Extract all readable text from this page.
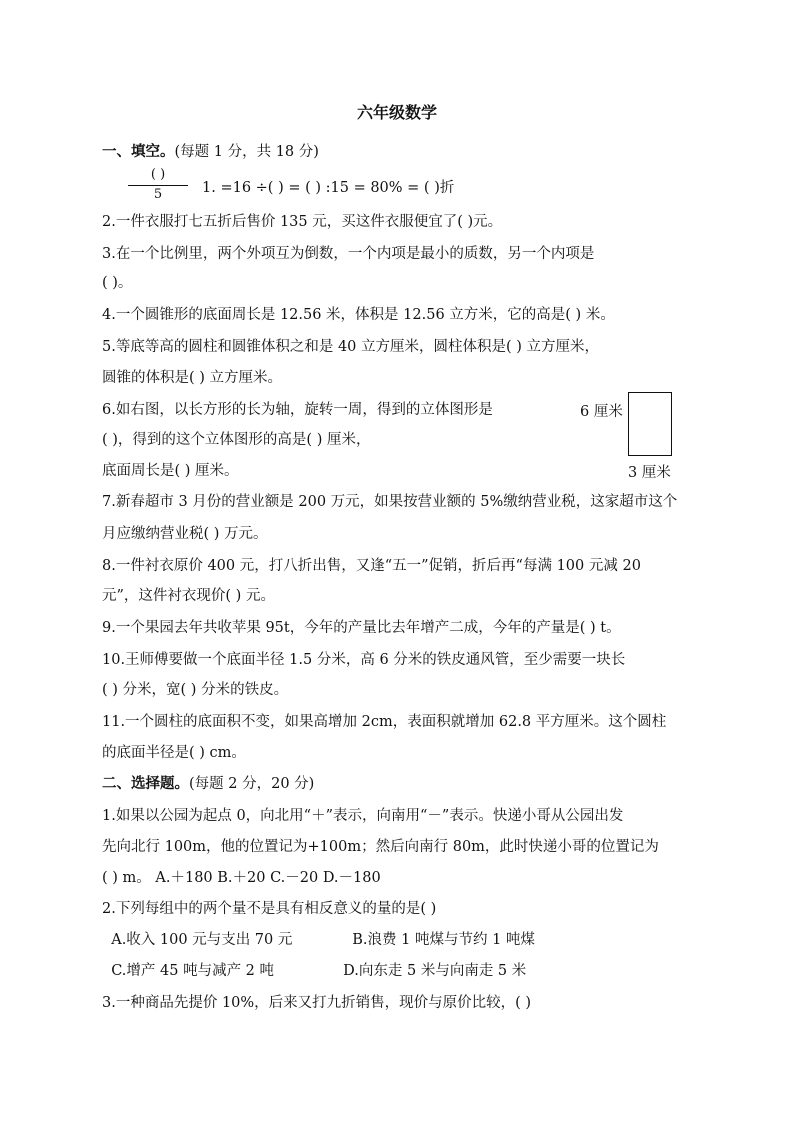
六年级数学
一、填空。(每题 1 分，共 18 分)
( )
5	1. =16 ÷( ) = ( ) :15 = 80% = ( )折
2.一件衣服打七五折后售价 135 元，买这件衣服便宜了( )元。
3.在一个比例里，两个外项互为倒数，一个内项是最小的质数，另一个内项是
( )。
4.一个圆锥形的底面周长是 12.56 米，体积是 12.56 立方米，它的高是( ) 米。
5.等底等高的圆柱和圆锥体积之和是 40 立方厘米，圆柱体积是( ) 立方厘米，
圆锥的体积是( ) 立方厘米。
6.如右图，以长方形的长为轴，旋转一周，得到的立体图形是
( )，得到的这个立体图形的高是( ) 厘米，
底面周长是( ) 厘米。
6 厘米
3 厘米
7.新春超市 3 月份的营业额是 200 万元，如果按营业额的 5%缴纳营业税，这家超市这个
月应缴纳营业税( ) 万元。
8.一件衬衣原价 400 元，打八折出售，又逢“五一”促销，折后再“每满 100 元减 20
元”，这件衬衣现价( ) 元。
9.一个果园去年共收苹果 95t，今年的产量比去年增产二成，今年的产量是( ) t。
10.王师傅要做一个底面半径 1.5 分米，高 6 分米的铁皮通风管，至少需要一块长
( ) 分米，宽( ) 分米的铁皮。
11.一个圆柱的底面积不变，如果高增加 2cm，表面积就增加 62.8 平方厘米。这个圆柱
的底面半径是( ) cm。
二、选择题。(每题 2 分，20 分)
1.如果以公园为起点 0，向北用“＋”表示，向南用“－”表示。快递小哥从公园出发
先向北行 100m，他的位置记为+100m；然后向南行 80m，此时快递小哥的位置记为
( ) m。 A.＋180 B.＋20 C.－20 D.－180
2.下列每组中的两个量不是具有相反意义的量的是( )
A.收入 100 元与支出 70 元             B.浪费 1 吨煤与节约 1 吨煤
C.增产 45 吨与减产 2 吨               D.向东走 5 米与向南走 5 米
3.一种商品先提价 10%，后来又打九折销售，现价与原价比较，( )
